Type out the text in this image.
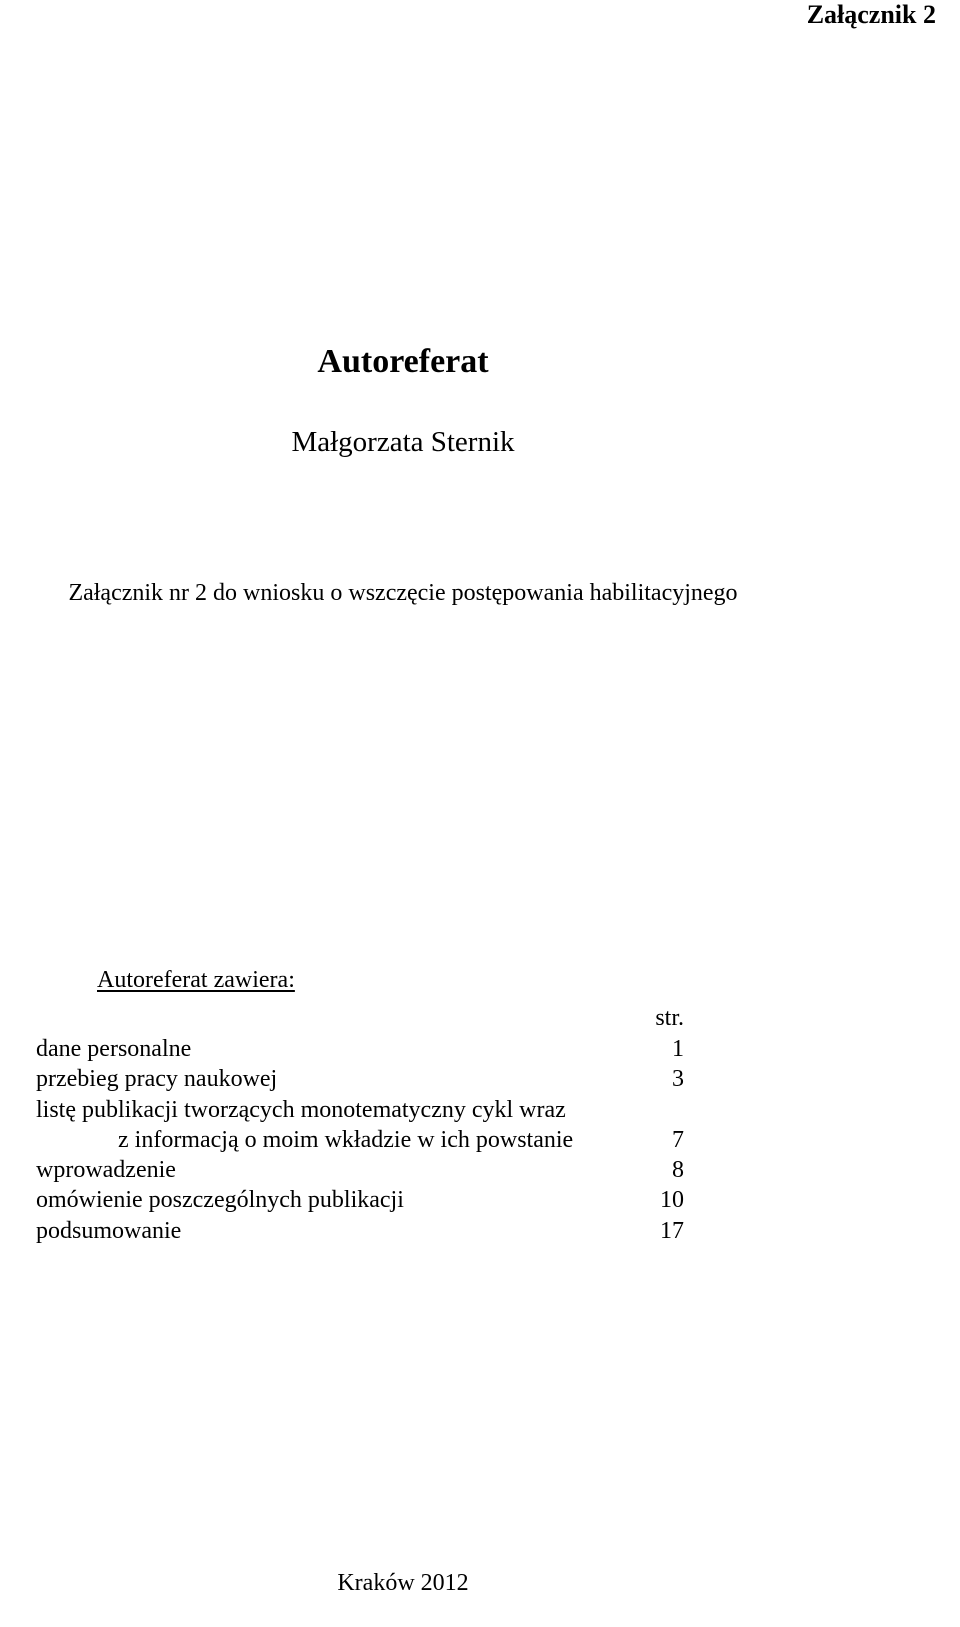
Załącznik 2
Autoreferat
Małgorzata Sternik
Załącznik nr 2 do wniosku o wszczęcie postępowania habilitacyjnego
Autoreferat zawiera:
str.
dane personalne	1
przebieg pracy naukowej	3
listę publikacji tworzących monotematyczny cykl wraz
z informacją o moim wkładzie w ich powstanie	7
wprowadzenie	8
omówienie poszczególnych publikacji	10
podsumowanie	17
Kraków 2012
